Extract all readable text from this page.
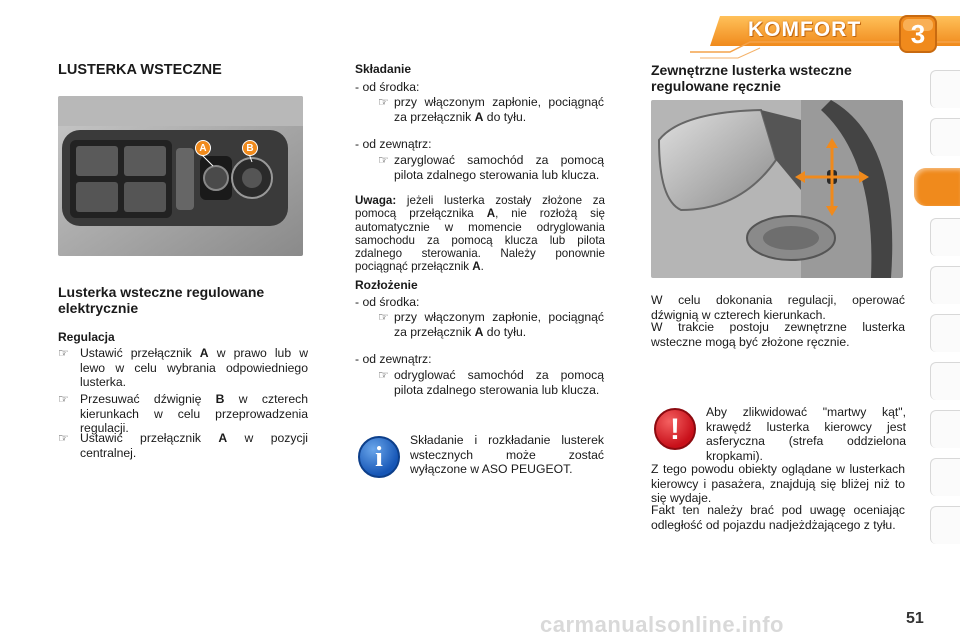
KOMFORT	3
LUSTERKA WSTECZNE
A	B
Lusterka wsteczne regulowane elektrycznie
Regulacja
☞ Ustawić przełącznik A w prawo lub w lewo w celu wybrania odpowiedniego lusterka.
☞ Przesuwać dźwignię B w czterech kierunkach w celu przeprowadzenia regulacji.
☞ Ustawić przełącznik A w pozycji centralnej.
Składanie
- od środka:
☞ przy włączonym zapłonie, pociągnąć za przełącznik A do tyłu.
- od zewnątrz:
☞ zaryglować samochód za pomocą pilota zdalnego sterowania lub klucza.
Uwaga: jeżeli lusterka zostały złożone za pomocą przełącznika A, nie rozłożą się automatycznie w momencie odryglowania samochodu za pomocą klucza lub pilota zdalnego sterowania. Należy ponownie pociągnąć przełącznik A.
Rozłożenie
- od środka:
☞ przy włączonym zapłonie, pociągnąć za przełącznik A do tyłu.
- od zewnątrz:
☞ odryglować samochód za pomocą pilota zdalnego sterowania lub klucza.
i
Składanie i rozkładanie lusterek wstecznych może zostać wyłączone w ASO PEUGEOT.
Zewnętrzne lusterka wsteczne regulowane ręcznie
W celu dokonania regulacji, operować dźwignią w czterech kierunkach.
W trakcie postoju zewnętrzne lusterka wsteczne mogą być złożone ręcznie.
!
Aby zlikwidować "martwy kąt", krawędź lusterka kierowcy jest asferyczna (strefa oddzielona kropkami).
Z tego powodu obiekty oglądane w lusterkach kierowcy i pasażera, znajdują się bliżej niż to się wydaje.
Fakt ten należy brać pod uwagę oceniając odległość od pojazdu nadjeżdżającego z tyłu.
carmanualsonline.info	51
